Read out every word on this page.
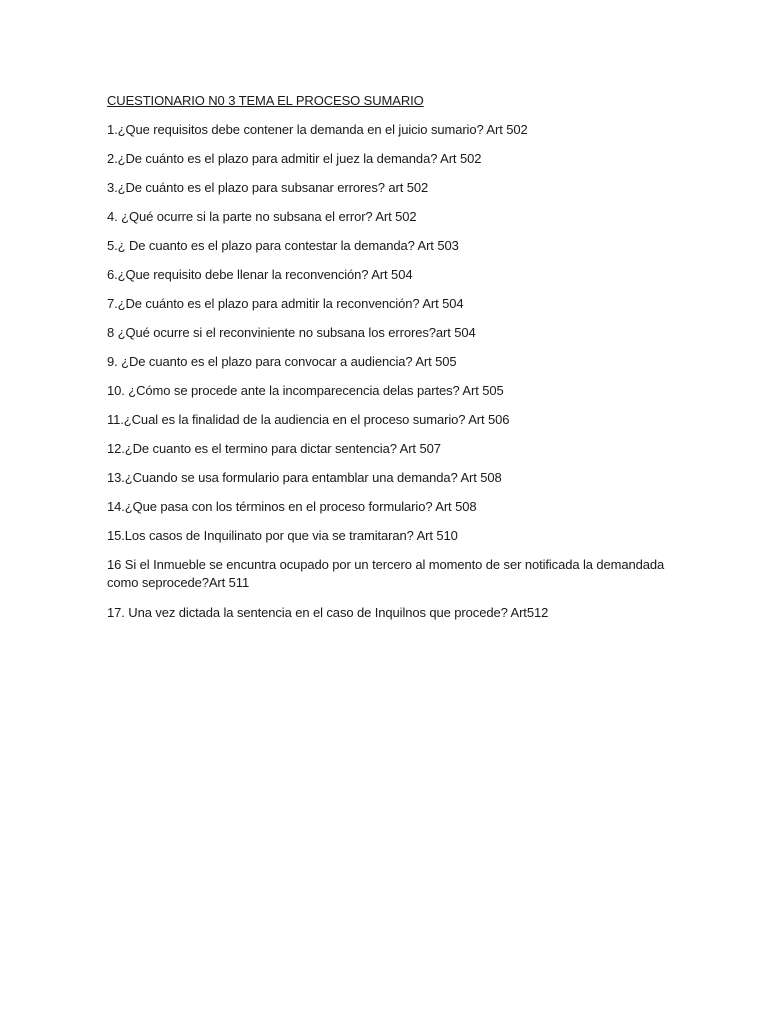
CUESTIONARIO N0 3 TEMA EL PROCESO SUMARIO
1.¿Que requisitos debe contener la demanda en el juicio sumario? Art 502
2.¿De cuánto es el plazo para admitir el juez la demanda? Art 502
3.¿De cuánto es el plazo para subsanar errores? art 502
4. ¿Qué ocurre si la parte no subsana el error? Art 502
5.¿ De cuanto es el plazo para contestar la demanda? Art 503
6.¿Que requisito debe llenar la reconvención? Art 504
7.¿De cuánto es el plazo para admitir la reconvención? Art 504
8 ¿Qué ocurre si el reconviniente no subsana los errores?art 504
9. ¿De cuanto es el plazo para convocar a audiencia? Art 505
10. ¿Cómo se procede ante la incomparecencia delas partes? Art 505
11.¿Cual es la finalidad de la audiencia en el proceso sumario? Art 506
12.¿De cuanto es el termino para dictar sentencia? Art 507
13.¿Cuando se usa formulario para entamblar una demanda? Art 508
14.¿Que pasa con los términos en el proceso formulario? Art 508
15.Los casos de Inquilinato por que via se tramitaran? Art 510
16 Si el Inmueble se encuntra ocupado por un tercero al momento de ser notificada la demandada como seprocede?Art 511
17. Una vez dictada la sentencia en el caso de Inquilnos que procede? Art512
